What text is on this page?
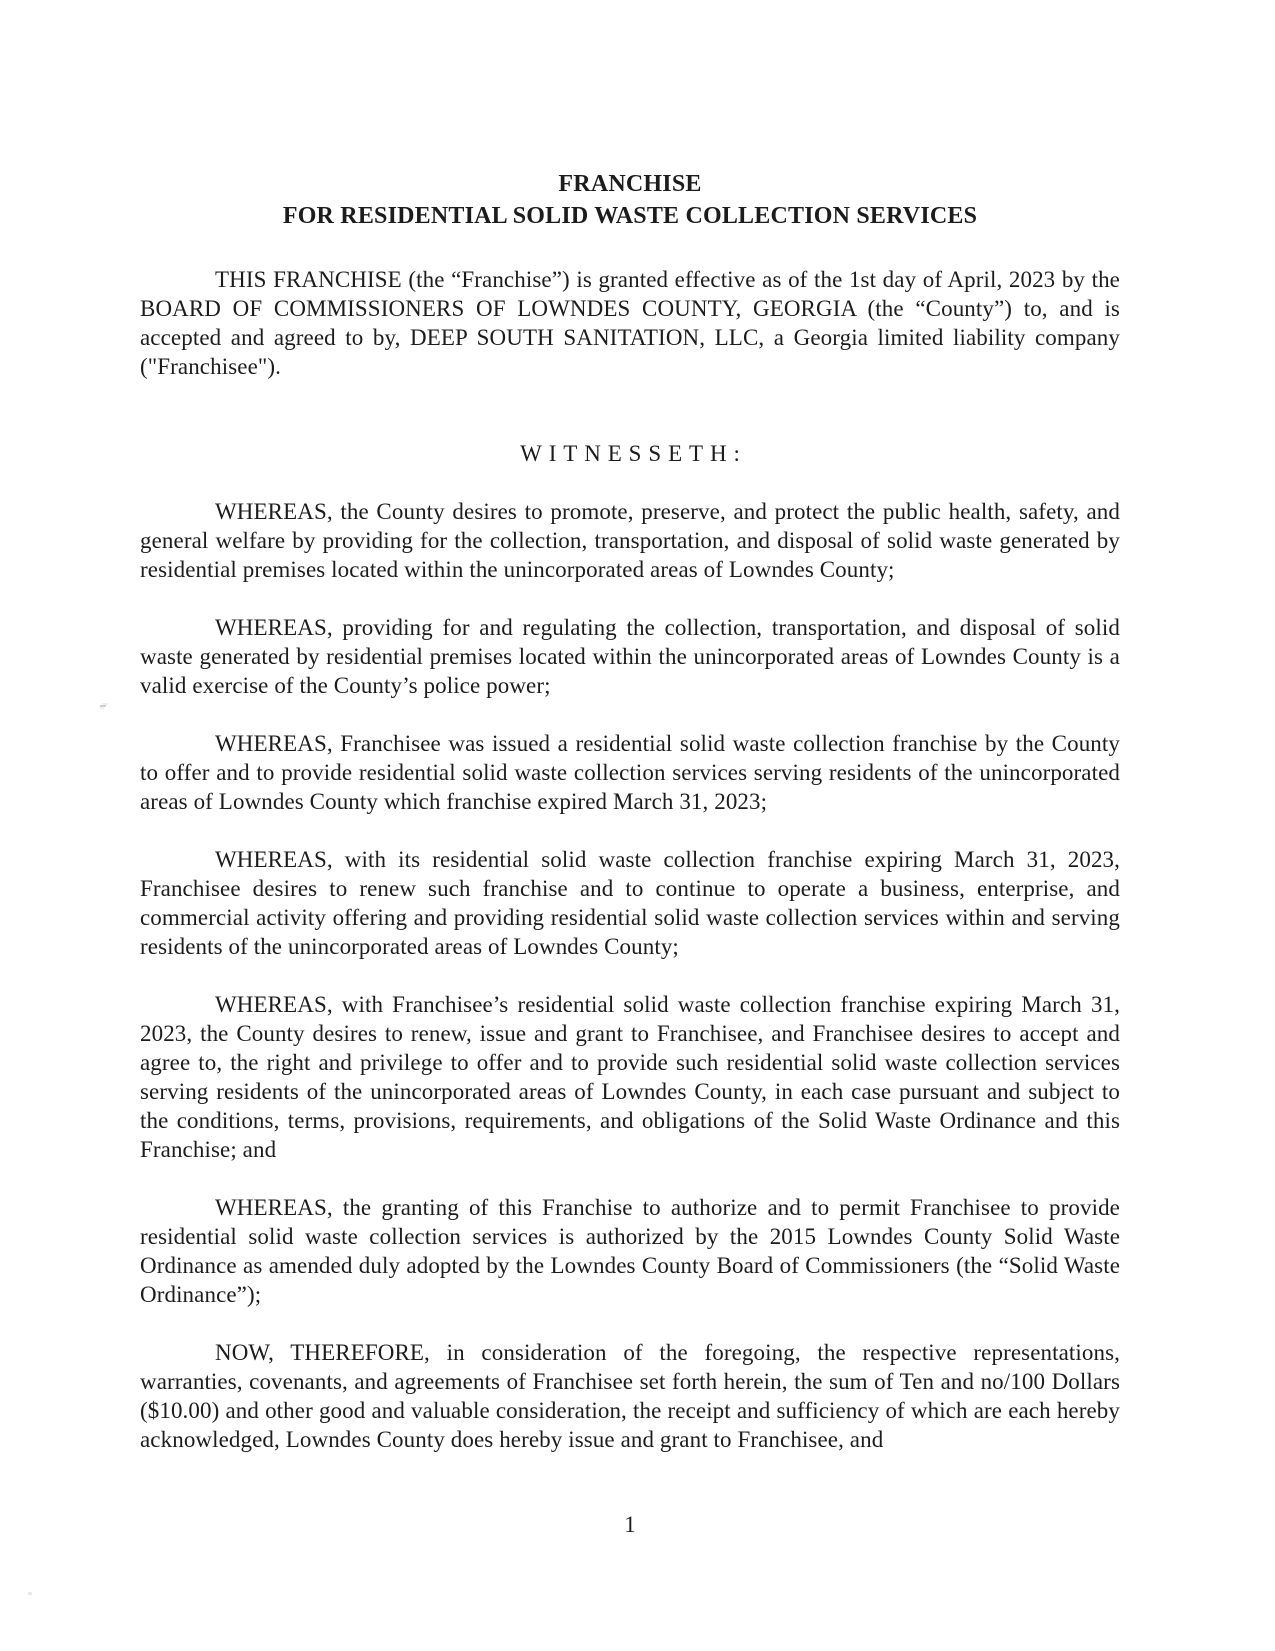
FRANCHISE
FOR RESIDENTIAL SOLID WASTE COLLECTION SERVICES

THIS FRANCHISE (the “Franchise”) is granted effective as of the 1st day of April, 2023 by the BOARD OF COMMISSIONERS OF LOWNDES COUNTY, GEORGIA (the “County”) to, and is accepted and agreed to by, DEEP SOUTH SANITATION, LLC, a Georgia limited liability company ("Franchisee").

WITNESSETH:

WHEREAS, the County desires to promote, preserve, and protect the public health, safety, and general welfare by providing for the collection, transportation, and disposal of solid waste generated by residential premises located within the unincorporated areas of Lowndes County;

WHEREAS, providing for and regulating the collection, transportation, and disposal of solid waste generated by residential premises located within the unincorporated areas of Lowndes County is a valid exercise of the County’s police power;

WHEREAS, Franchisee was issued a residential solid waste collection franchise by the County to offer and to provide residential solid waste collection services serving residents of the unincorporated areas of Lowndes County which franchise expired March 31, 2023;

WHEREAS, with its residential solid waste collection franchise expiring March 31, 2023, Franchisee desires to renew such franchise and to continue to operate a business, enterprise, and commercial activity offering and providing residential solid waste collection services within and serving residents of the unincorporated areas of Lowndes County;

WHEREAS, with Franchisee’s residential solid waste collection franchise expiring March 31, 2023, the County desires to renew, issue and grant to Franchisee, and Franchisee desires to accept and agree to, the right and privilege to offer and to provide such residential solid waste collection services serving residents of the unincorporated areas of Lowndes County, in each case pursuant and subject to the conditions, terms, provisions, requirements, and obligations of the Solid Waste Ordinance and this Franchise; and

WHEREAS, the granting of this Franchise to authorize and to permit Franchisee to provide residential solid waste collection services is authorized by the 2015 Lowndes County Solid Waste Ordinance as amended duly adopted by the Lowndes County Board of Commissioners (the “Solid Waste Ordinance”);

NOW, THEREFORE, in consideration of the foregoing, the respective representations, warranties, covenants, and agreements of Franchisee set forth herein, the sum of Ten and no/100 Dollars ($10.00) and other good and valuable consideration, the receipt and sufficiency of which are each hereby acknowledged, Lowndes County does hereby issue and grant to Franchisee, and

1
